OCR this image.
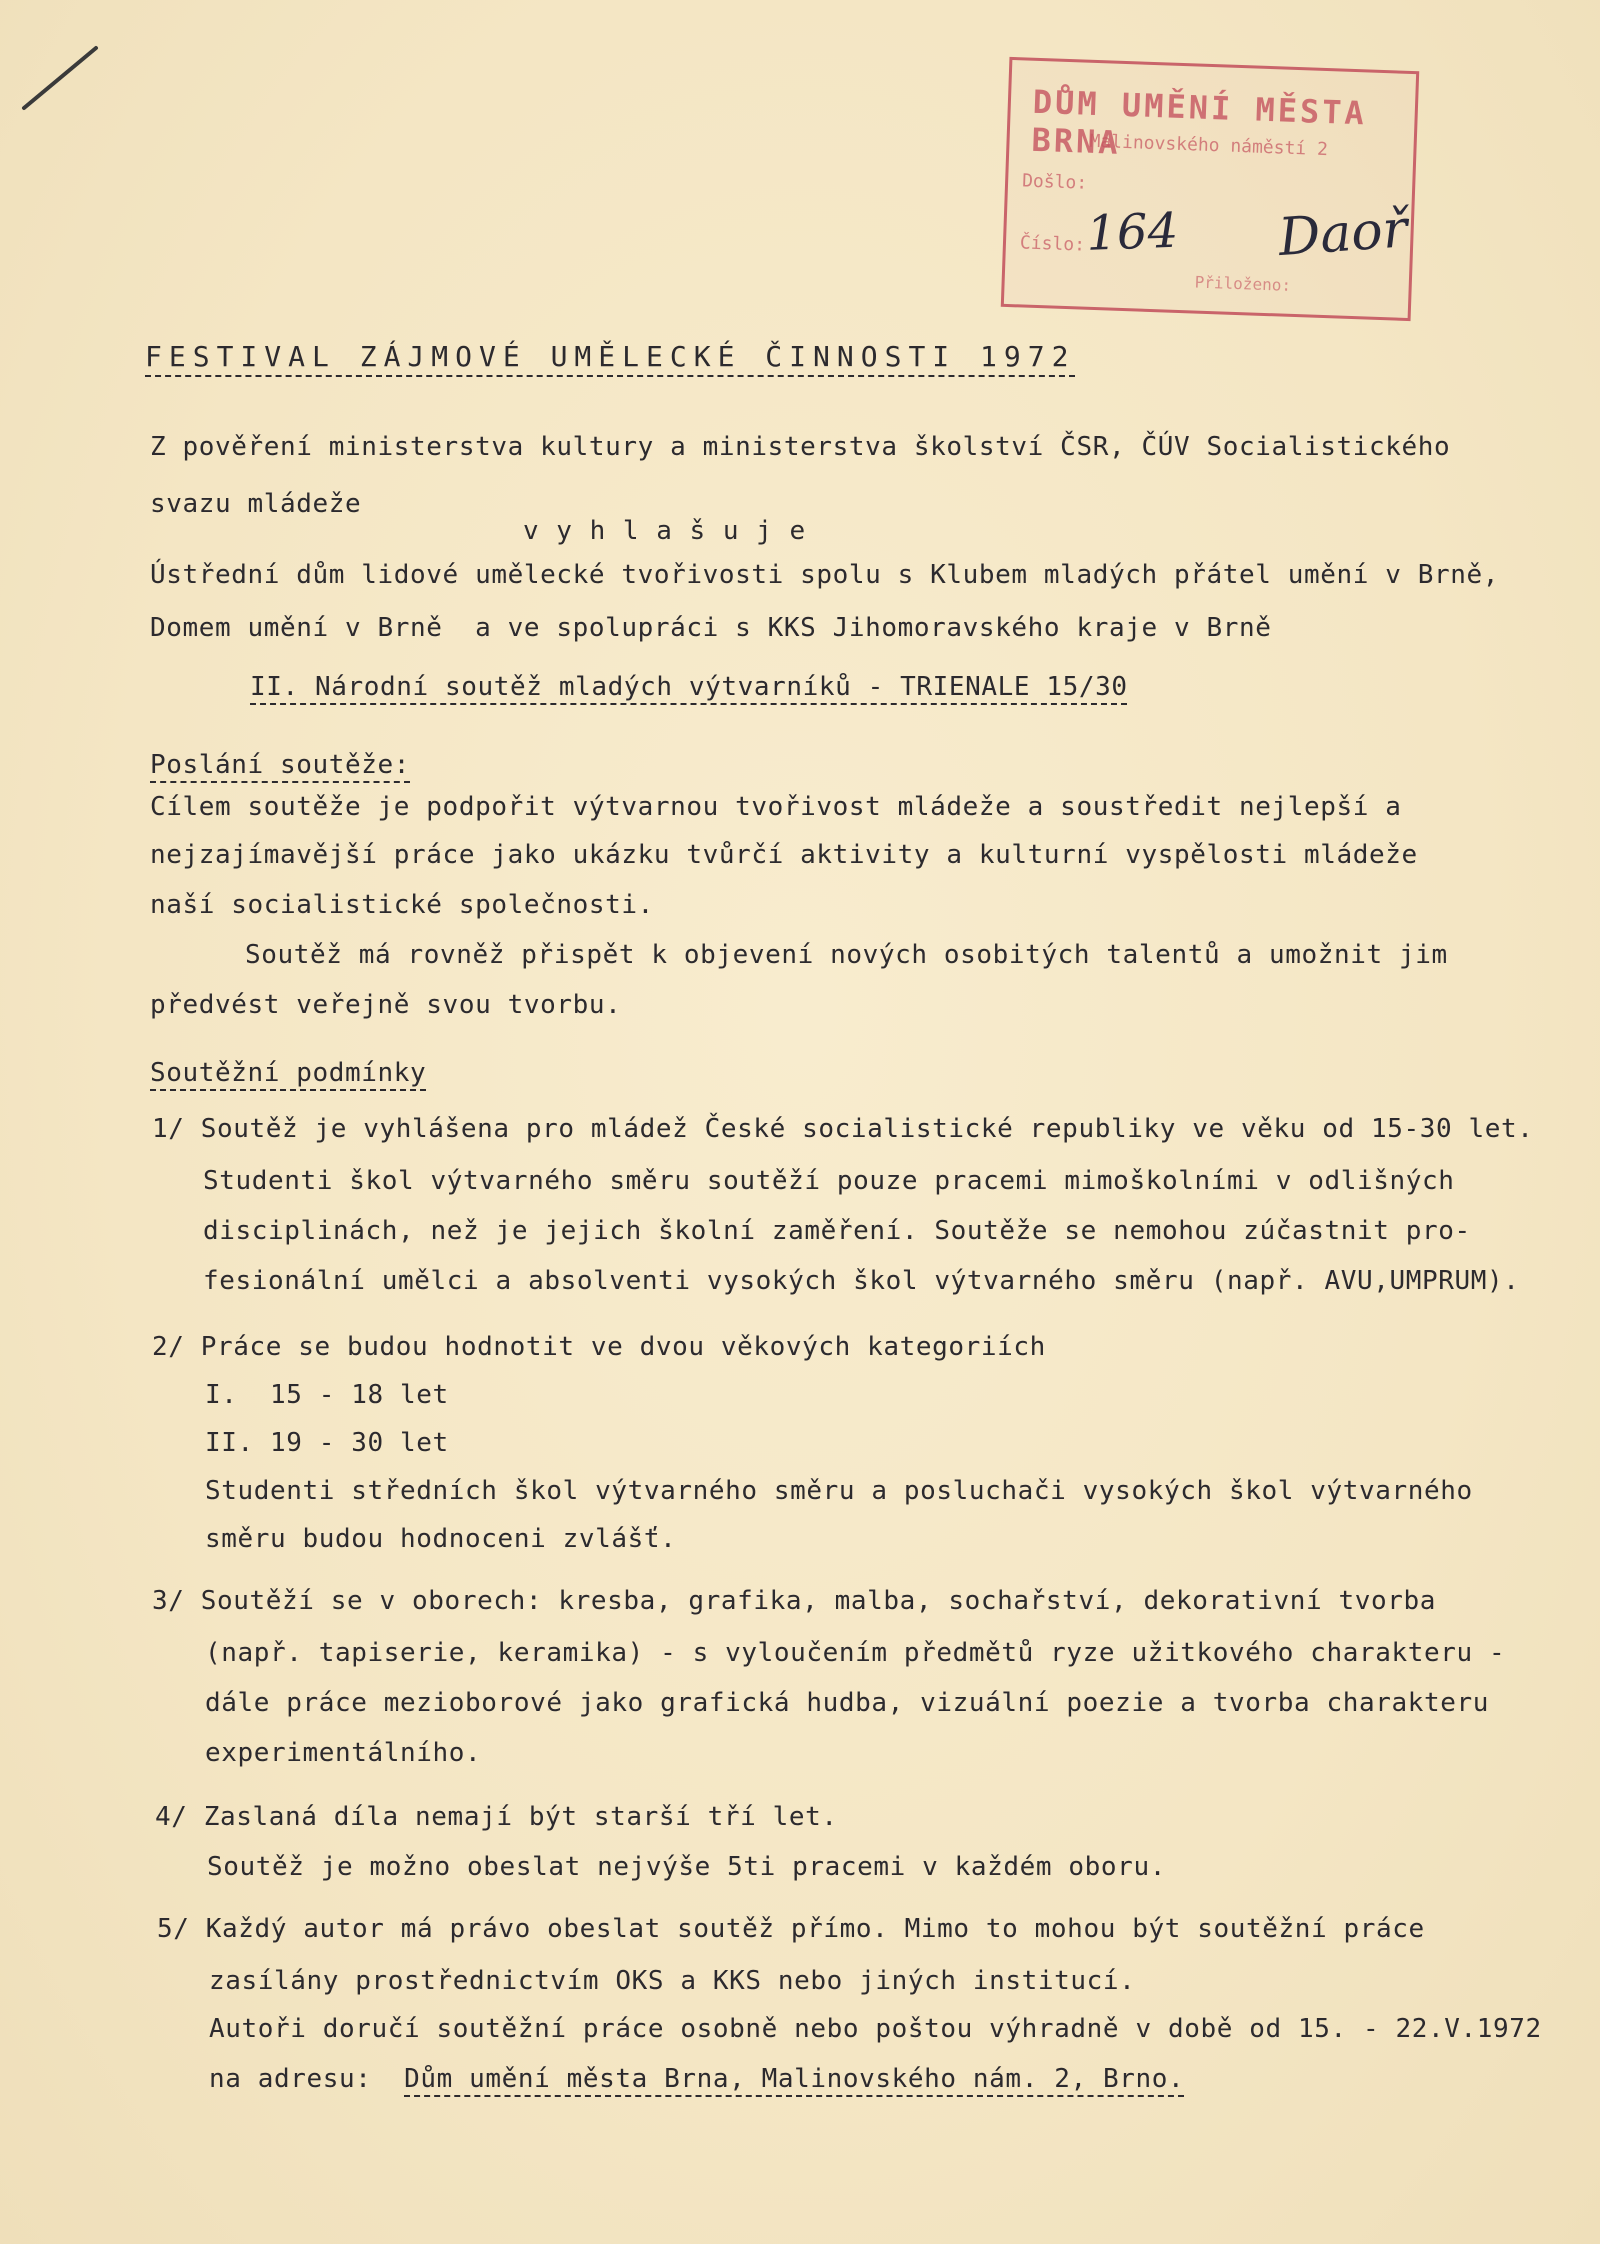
DŮM UMĚNÍ MĚSTA BRNA
Malinovského náměstí 2
Došlo:
Číslo:
Přiloženo:
164 Daoř
FESTIVAL ZÁJMOVÉ UMĚLECKÉ ČINNOSTI 1972
Z pověření ministerstva kultury a ministerstva školství ČSR, ČÚV Socialistického
svazu mládeže
v y h l a š u j e
Ústřední dům lidové umělecké tvořivosti spolu s Klubem mladých přátel umění v Brně,
Domem umění v Brně  a ve spolupráci s KKS Jihomoravského kraje v Brně
II. Národní soutěž mladých výtvarníků - TRIENALE 15/30
Poslání soutěže:
Cílem soutěže je podpořit výtvarnou tvořivost mládeže a soustředit nejlepší a
nejzajímavější práce jako ukázku tvůrčí aktivity a kulturní vyspělosti mládeže
naší socialistické společnosti.
Soutěž má rovněž přispět k objevení nových osobitých talentů a umožnit jim
předvést veřejně svou tvorbu.
Soutěžní podmínky
1/ Soutěž je vyhlášena pro mládež České socialistické republiky ve věku od 15-30 let.
Studenti škol výtvarného směru soutěží pouze pracemi mimoškolními v odlišných
disciplinách, než je jejich školní zaměření. Soutěže se nemohou zúčastnit pro-
fesionální umělci a absolventi vysokých škol výtvarného směru (např. AVU,UMPRUM).
2/ Práce se budou hodnotit ve dvou věkových kategoriích
I.  15 - 18 let
II. 19 - 30 let
Studenti středních škol výtvarného směru a posluchači vysokých škol výtvarného
směru budou hodnoceni zvlášť.
3/ Soutěží se v oborech: kresba, grafika, malba, sochařství, dekorativní tvorba
(např. tapiserie, keramika) - s vyloučením předmětů ryze užitkového charakteru -
dále práce mezioborové jako grafická hudba, vizuální poezie a tvorba charakteru
experimentálního.
4/ Zaslaná díla nemají být starší tří let.
Soutěž je možno obeslat nejvýše 5ti pracemi v každém oboru.
5/ Každý autor má právo obeslat soutěž přímo. Mimo to mohou být soutěžní práce
zasílány prostřednictvím OKS a KKS nebo jiných institucí.
Autoři doručí soutěžní práce osobně nebo poštou výhradně v době od 15. - 22.V.1972
na adresu: Dům umění města Brna, Malinovského nám. 2, Brno.
